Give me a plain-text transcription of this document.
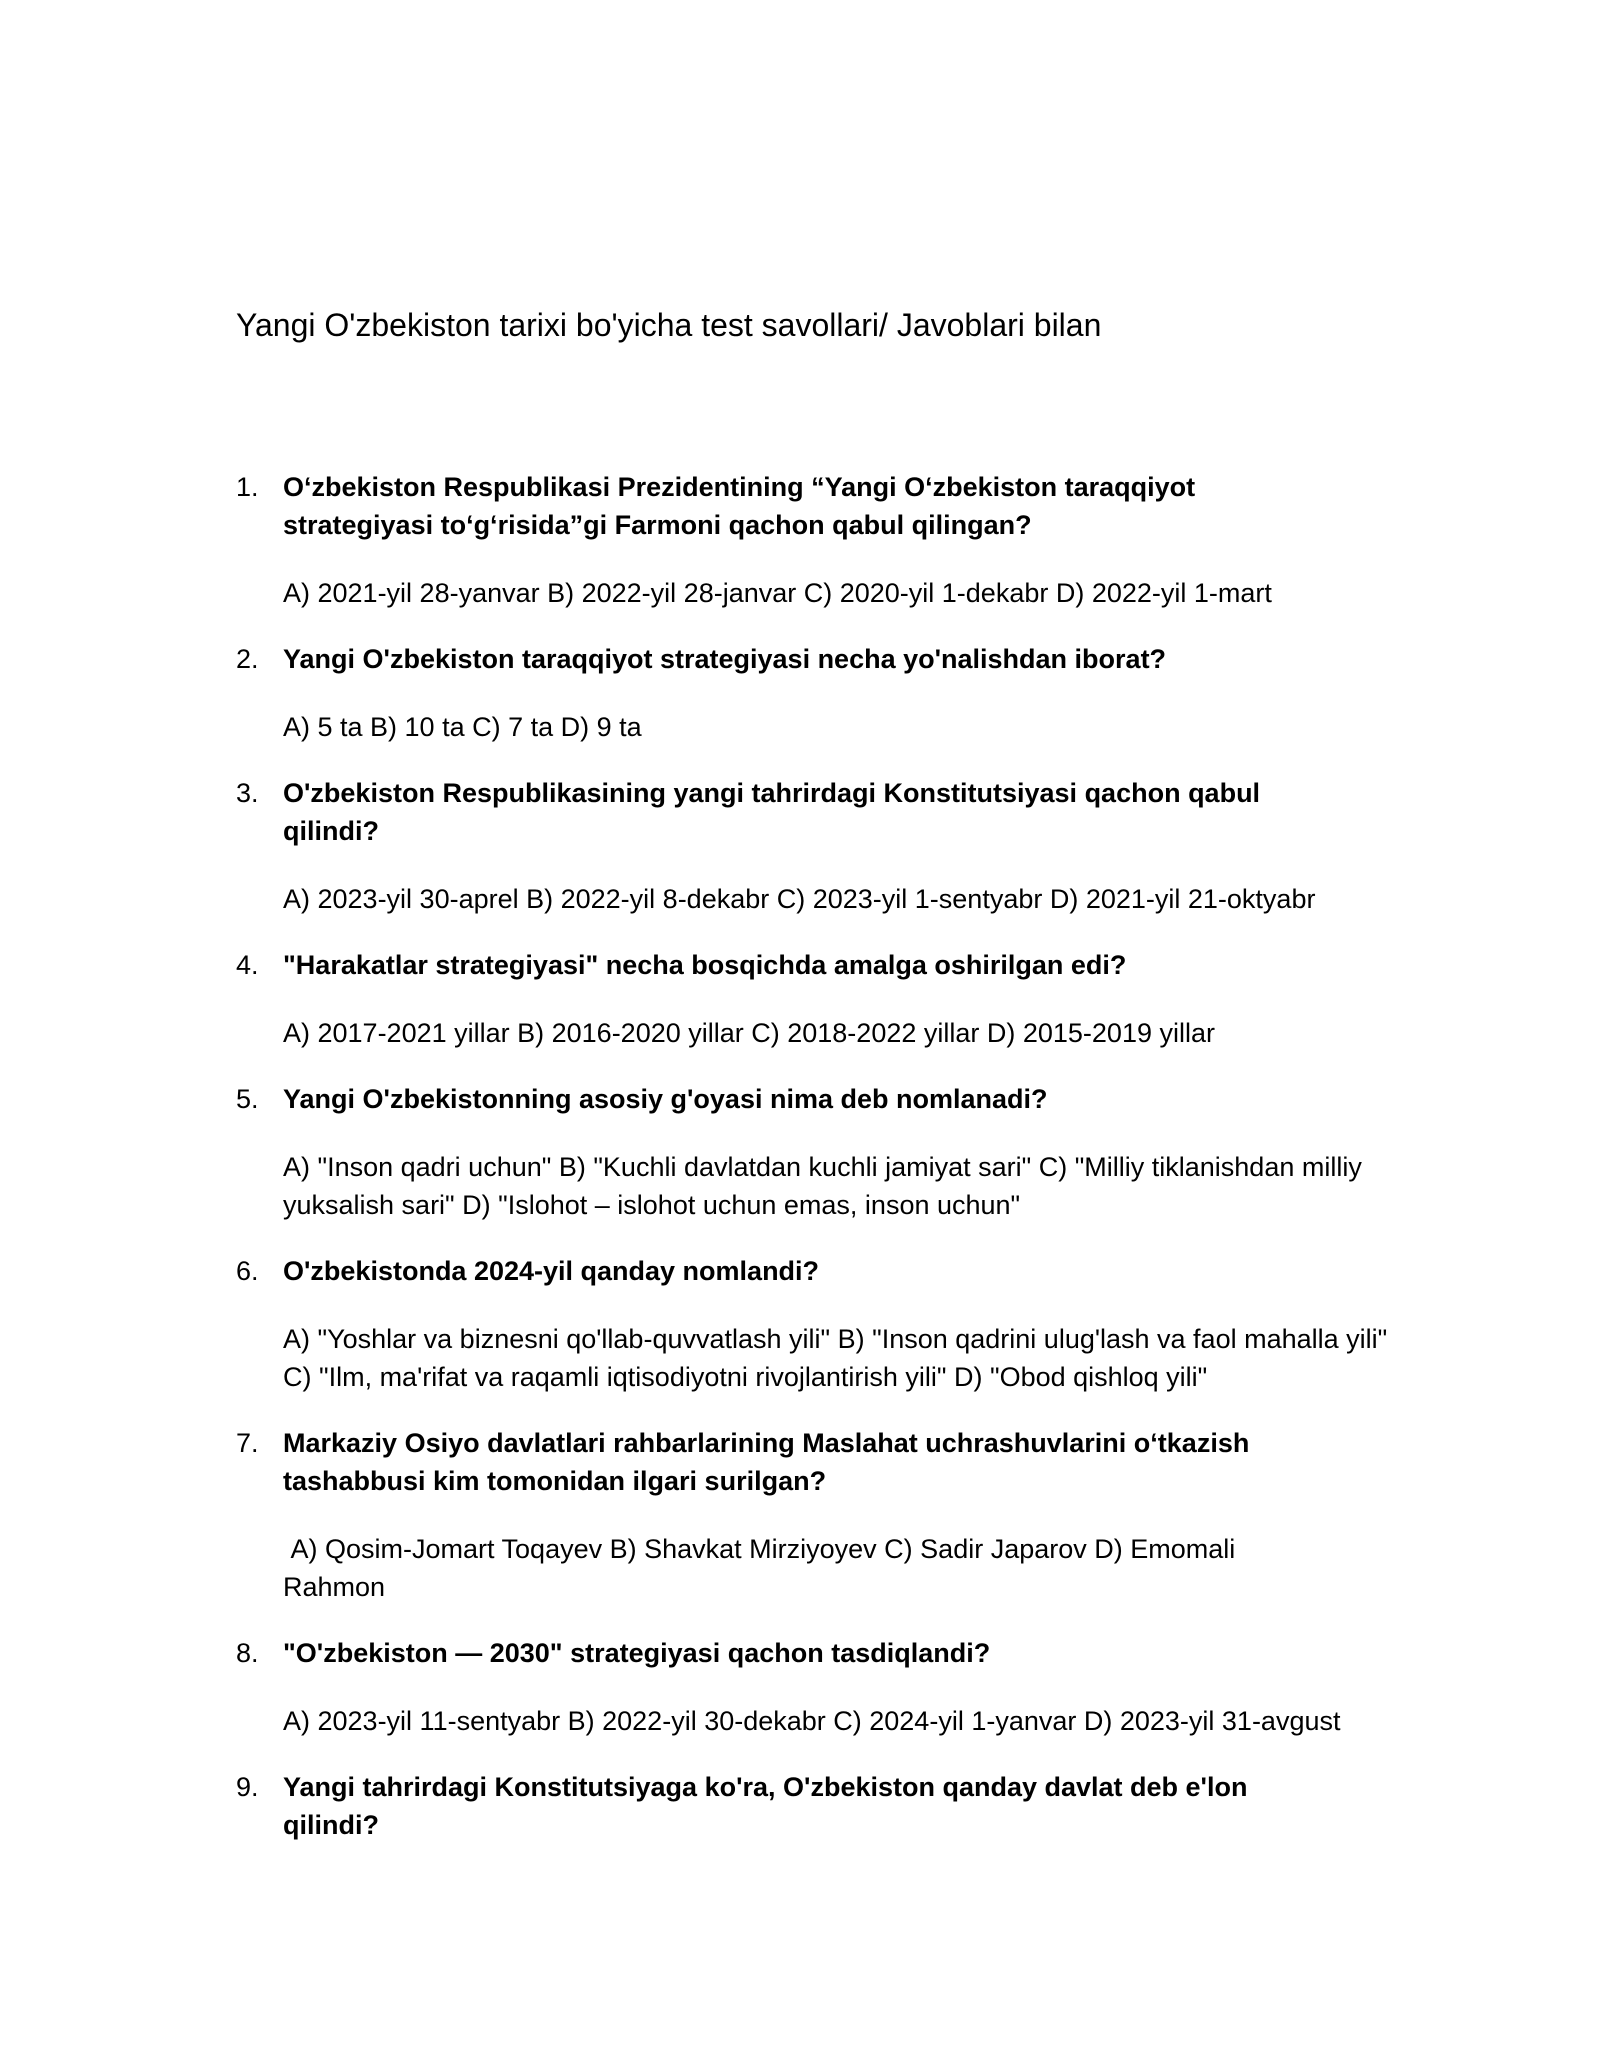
Yangi O'zbekiston tarixi bo'yicha test savollari/ Javoblari bilan
1. O‘zbekiston Respublikasi Prezidentining “Yangi O‘zbekiston taraqqiyot strategiyasi to‘g‘risida”gi Farmoni qachon qabul qilingan?
A) 2021-yil 28-yanvar B) 2022-yil 28-janvar C) 2020-yil 1-dekabr D) 2022-yil 1-mart
2. Yangi O'zbekiston taraqqiyot strategiyasi necha yo'nalishdan iborat?
A) 5 ta B) 10 ta C) 7 ta D) 9 ta
3. O'zbekiston Respublikasining yangi tahrirdagi Konstitutsiyasi qachon qabul qilindi?
A) 2023-yil 30-aprel B) 2022-yil 8-dekabr C) 2023-yil 1-sentyabr D) 2021-yil 21-oktyabr
4. "Harakatlar strategiyasi" necha bosqichda amalga oshirilgan edi?
A) 2017-2021 yillar B) 2016-2020 yillar C) 2018-2022 yillar D) 2015-2019 yillar
5. Yangi O'zbekistonning asosiy g'oyasi nima deb nomlanadi?
A) "Inson qadri uchun" B) "Kuchli davlatdan kuchli jamiyat sari" C) "Milliy tiklanishdan milliy yuksalish sari" D) "Islohot – islohot uchun emas, inson uchun"
6. O'zbekistonda 2024-yil qanday nomlandi?
A) "Yoshlar va biznesni qo'llab-quvvatlash yili" B) "Inson qadrini ulug'lash va faol mahalla yili" C) "Ilm, ma'rifat va raqamli iqtisodiyotni rivojlantirish yili" D) "Obod qishloq yili"
7. Markaziy Osiyo davlatlari rahbarlarining Maslahat uchrashuvlarini o‘tkazish tashabbusi kim tomonidan ilgari surilgan?
A) Qosim-Jomart Toqayev B) Shavkat Mirziyoyev C) Sadir Japarov D) Emomali Rahmon
8. "O'zbekiston — 2030" strategiyasi qachon tasdiqlandi?
A) 2023-yil 11-sentyabr B) 2022-yil 30-dekabr C) 2024-yil 1-yanvar D) 2023-yil 31-avgust
9. Yangi tahrirdagi Konstitutsiyaga ko'ra, O'zbekiston qanday davlat deb e'lon qilindi?
